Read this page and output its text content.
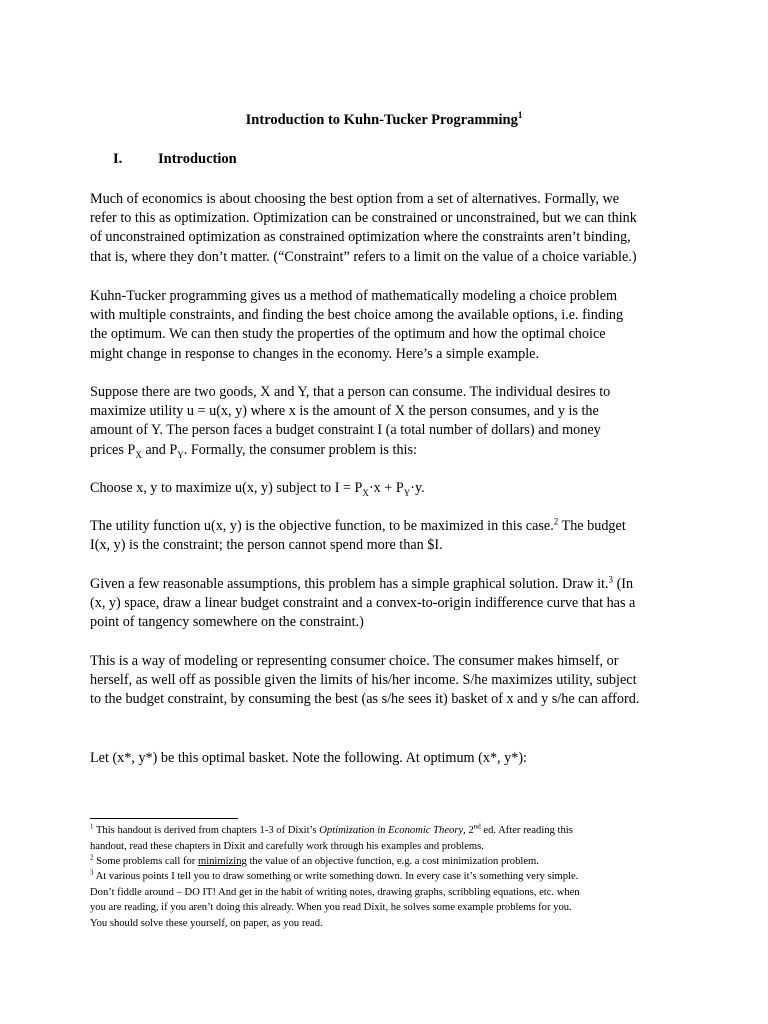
Introduction to Kuhn-Tucker Programming$^1$
I. Introduction

Much of economics is about choosing the best option from a set of alternatives. Formally, we
refer to this as optimization. Optimization can be constrained or unconstrained, but we can think
of unconstrained optimization as constrained optimization where the constraints aren’t binding,
that is, where they don’t matter. (“Constraint” refers to a limit on the value of a choice variable.)

Kuhn-Tucker programming gives us a method of mathematically modeling a choice problem
with multiple constraints, and finding the best choice among the available options, i.e. finding
the optimum. We can then study the properties of the optimum and how the optimal choice
might change in response to changes in the economy. Here’s a simple example.

Suppose there are two goods, X and Y, that a person can consume. The individual desires to
maximize utility u = u(x, y) where x is the amount of X the person consumes, and y is the
amount of Y. The person faces a budget constraint I (a total number of dollars) and money
prices $P_X$ and $P_Y$. Formally, the consumer problem is this:

Choose x, y to maximize u(x, y) subject to $I = P_X\cdot x + P_Y\cdot y$.

The utility function u(x, y) is the objective function, to be maximized in this case.$^2$ The budget
I(x, y) is the constraint; the person cannot spend more than $I.

Given a few reasonable assumptions, this problem has a simple graphical solution. Draw it.$^3$ (In
(x, y) space, draw a linear budget constraint and a convex-to-origin indifference curve that has a
point of tangency somewhere on the constraint.)

This is a way of modeling or representing consumer choice. The consumer makes himself, or
herself, as well off as possible given the limits of his/her income. S/he maximizes utility, subject
to the budget constraint, by consuming the best (as s/he sees it) basket of x and y s/he can afford.

Let (x*, y*) be this optimal basket. Note the following. At optimum (x*, y*):

$^1$ This handout is derived from chapters 1-3 of Dixit’s Optimization in Economic Theory, 2nd ed. After reading this
handout, read these chapters in Dixit and carefully work through his examples and problems.

$^2$ Some problems call for minimizing the value of an objective function, e.g. a cost minimization problem.

$^3$ At various points I tell you to draw something or write something down. In every case it’s something very simple.
Don’t fiddle around – DO IT! And get in the habit of writing notes, drawing graphs, scribbling equations, etc. when
you are reading, if you aren’t doing this already. When you read Dixit, he solves some example problems for you.
You should solve these yourself, on paper, as you read.
